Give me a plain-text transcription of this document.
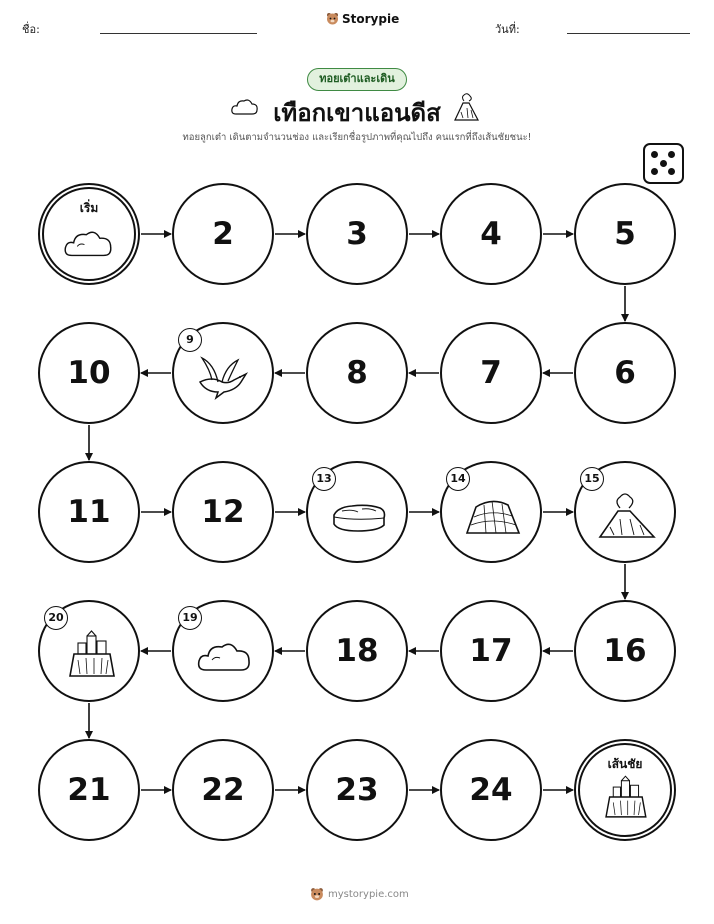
ชื่อ:
Storypie
วันที่:
ทอยเต๋าและเดิน
เทือกเขาแอนดีส
ทอยลูกเต๋า เดินตามจำนวนช่อง และเรียกชื่อรูปภาพที่คุณไปถึง คนแรกที่ถึงเส้นชัยชนะ!
เริ่ม
2	3	4	5
6
7
8
9
10
11	12
13	14	15
16
17
18
19
20
21	22	23	24
เส้นชัย
mystorypie.com
